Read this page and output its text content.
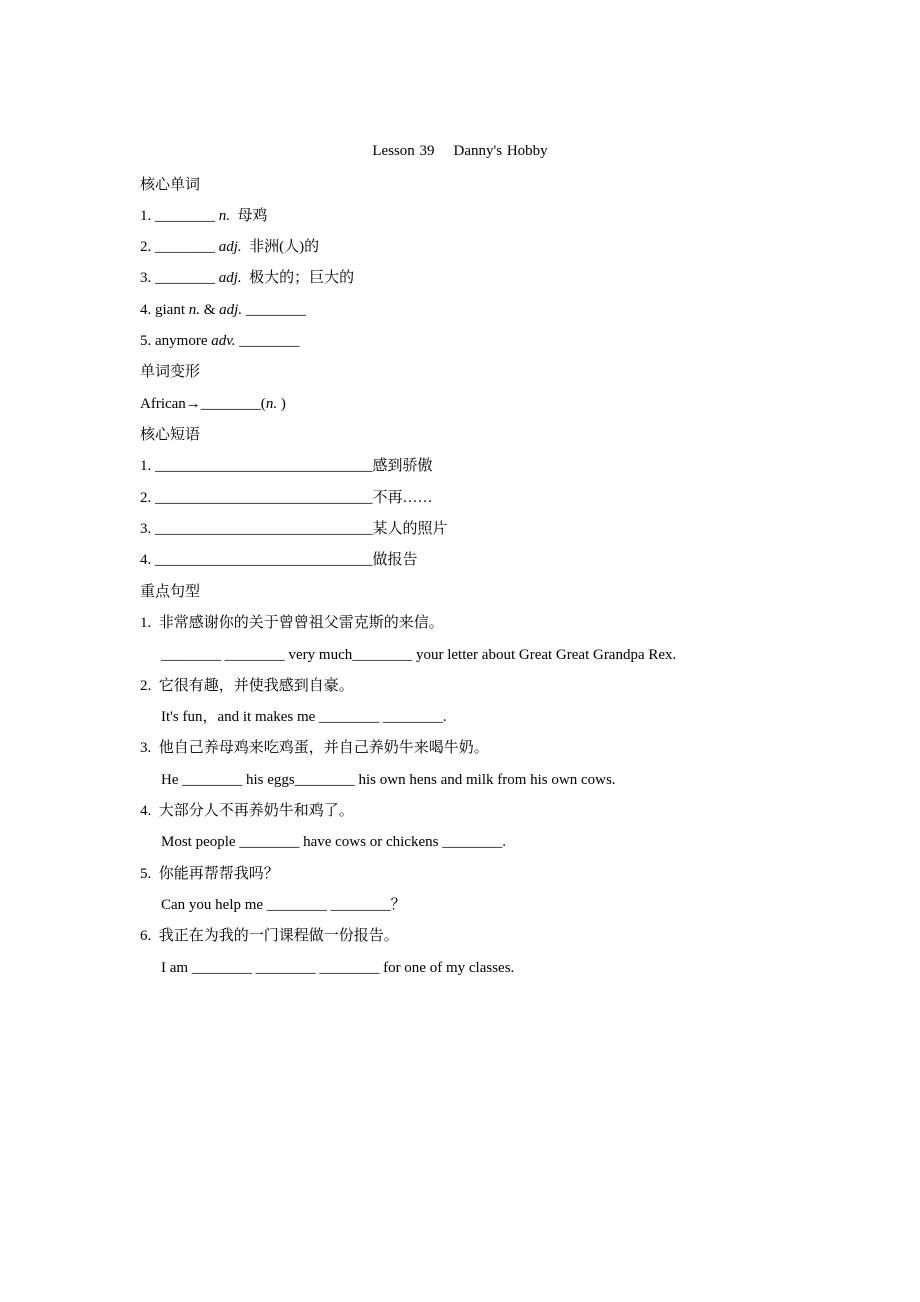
Lesson 39    Danny's Hobby
核心单词
1. ________ n.  母鸡
2. ________ adj.  非洲(人)的
3. ________ adj.  极大的；巨大的
4. giant n. & adj. ________
5. anymore adv. ________
单词变形
African→________(n. )
核心短语
1. _____________________________感到骄傲
2. _____________________________不再……
3. _____________________________某人的照片
4. _____________________________做报告
重点句型
1.  非常感谢你的关于曾曾祖父雷克斯的来信。
________ ________ very much________ your letter about Great Great Grandpa Rex.
2.  它很有趣，并使我感到自豪。
It's fun，and it makes me ________ ________.
3.  他自己养母鸡来吃鸡蛋，并自己养奶牛来喝牛奶。
He ________ his eggs________ his own hens and milk from his own cows.
4.  大部分人不再养奶牛和鸡了。
Most people ________ have cows or chickens ________.
5.  你能再帮帮我吗？
Can you help me ________ ________？
6.  我正在为我的一门课程做一份报告。
I am ________ ________ ________ for one of my classes.
